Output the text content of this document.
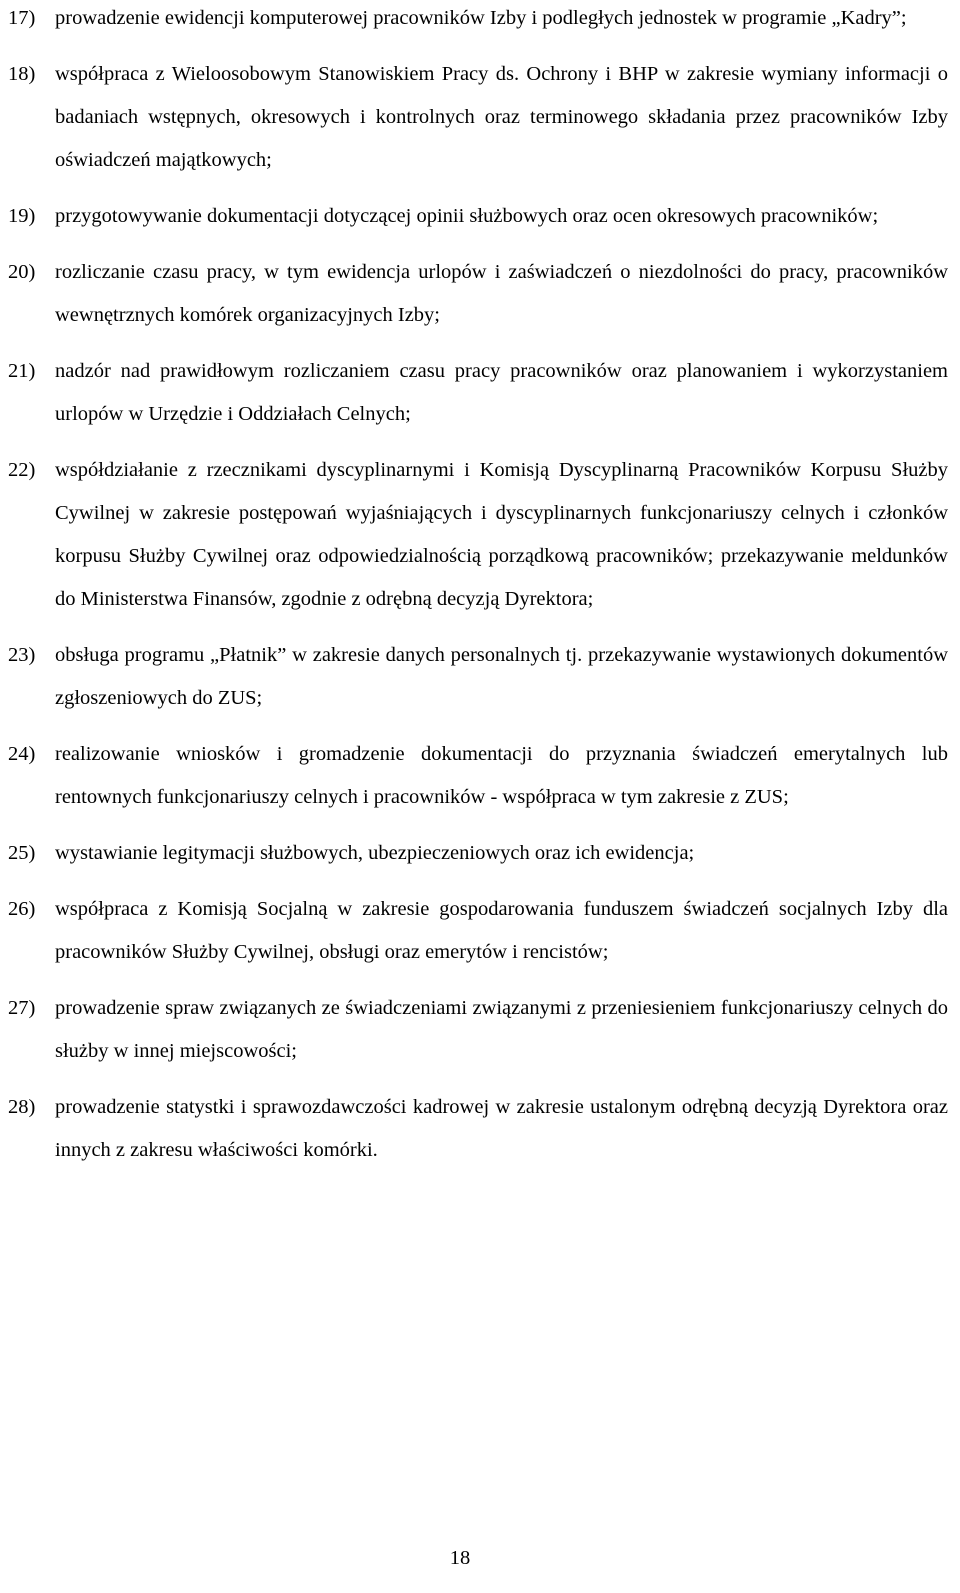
17) prowadzenie ewidencji komputerowej pracowników Izby i podległych jednostek w programie „Kadry”;
18) współpraca z Wieloosobowym Stanowiskiem Pracy ds. Ochrony i BHP w zakresie wymiany informacji o badaniach wstępnych, okresowych i kontrolnych oraz terminowego składania przez pracowników Izby oświadczeń majątkowych;
19) przygotowywanie dokumentacji dotyczącej opinii służbowych oraz ocen okresowych pracowników;
20) rozliczanie czasu pracy, w tym ewidencja urlopów i zaświadczeń o niezdolności do pracy, pracowników wewnętrznych komórek organizacyjnych Izby;
21) nadzór nad prawidłowym rozliczaniem czasu pracy pracowników oraz planowaniem i wykorzystaniem urlopów w Urzędzie i Oddziałach Celnych;
22) współdziałanie z rzecznikami dyscyplinarnymi i Komisją Dyscyplinarną Pracowników Korpusu Służby Cywilnej w zakresie postępowań wyjaśniających i dyscyplinarnych funkcjonariuszy celnych i członków korpusu Służby Cywilnej oraz odpowiedzialnością porządkową pracowników; przekazywanie meldunków do Ministerstwa Finansów, zgodnie z odrębną decyzją Dyrektora;
23) obsługa programu „Płatnik” w zakresie danych personalnych tj. przekazywanie wystawionych dokumentów zgłoszeniowych do ZUS;
24) realizowanie wniosków i gromadzenie dokumentacji do przyznania świadczeń emerytalnych lub rentownych funkcjonariuszy celnych i pracowników - współpraca w tym zakresie z ZUS;
25) wystawianie legitymacji służbowych, ubezpieczeniowych oraz ich ewidencja;
26) współpraca z Komisją Socjalną w zakresie gospodarowania funduszem świadczeń socjalnych Izby dla pracowników Służby Cywilnej, obsługi oraz emerytów i rencistów;
27) prowadzenie spraw związanych ze świadczeniami związanymi z przeniesieniem funkcjonariuszy celnych do służby w innej miejscowości;
28) prowadzenie statystki i sprawozdawczości kadrowej w zakresie ustalonym odrębną decyzją Dyrektora oraz innych z zakresu właściwości komórki.
18
